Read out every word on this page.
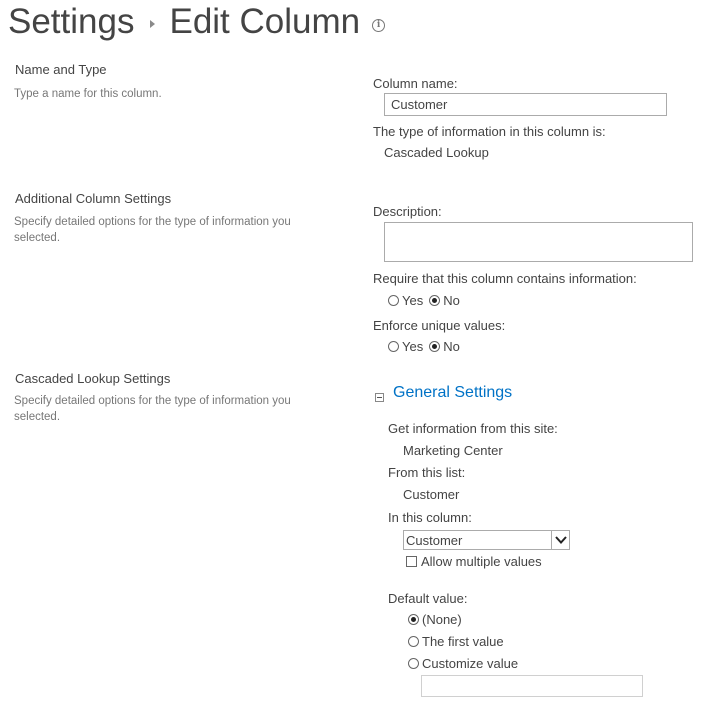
Settings Edit Column	i
Name and Type
Type a name for this column.
Column name:
Customer
The type of information in this column is:
Cascaded Lookup
Additional Column Settings
Specify detailed options for the type of information you selected.
Description:
Require that this column contains information:
Yes No
Enforce unique values:
Yes No
Cascaded Lookup Settings
Specify detailed options for the type of information you selected.
General Settings
Get information from this site:
Marketing Center
From this list:
Customer
In this column:
Customer
Allow multiple values
Default value:
(None)
The first value
Customize value
